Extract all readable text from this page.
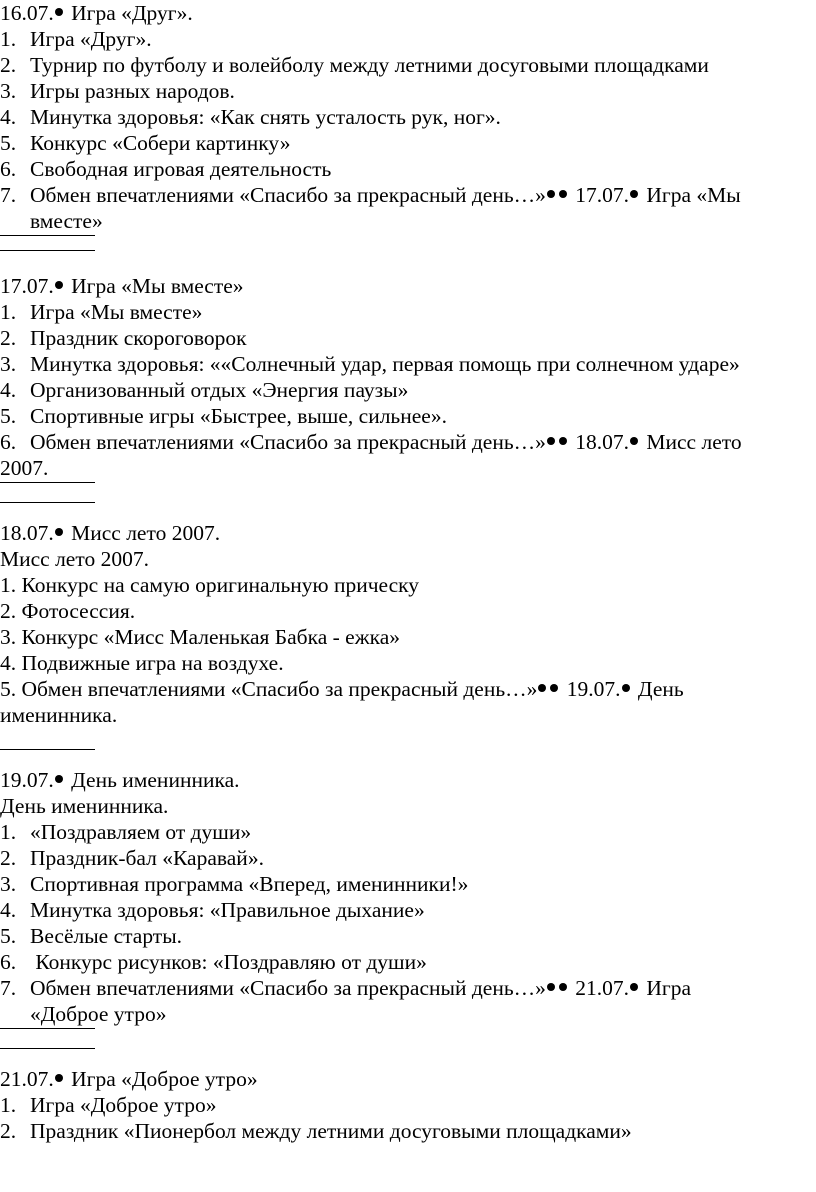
16.07. Игра «Друг».
1. Игра «Друг».
2. Турнир по футболу и волейболу между летними досуговыми площадками
3. Игры разных народов.
4. Минутка здоровья: «Как снять усталость рук, ног».
5. Конкурс «Собери картинку»
6. Свободная игровая деятельность
7. Обмен впечатлениями «Спасибо за прекрасный день…» 17.07. Игра «Мы
вместе»
17.07. Игра «Мы вместе»
1. Игра «Мы вместе»
2. Праздник скороговорок
3. Минутка здоровья: ««Солнечный удар, первая помощь при солнечном ударе»
4. Организованный отдых «Энергия паузы»
5. Спортивные игры «Быстрее, выше, сильнее».
6. Обмен впечатлениями «Спасибо за прекрасный день…» 18.07. Мисс лето
2007.
18.07. Мисс лето 2007.
Мисс лето 2007.
1. Конкурс на самую оригинальную прическу
2. Фотосессия.
3. Конкурс «Мисс Маленькая Бабка - ежка»
4. Подвижные игра на воздухе.
5. Обмен впечатлениями «Спасибо за прекрасный день…» 19.07. День
именинника.
19.07. День именинника.
День именинника.
1. «Поздравляем от души»
2. Праздник-бал «Каравай».
3. Спортивная программа «Вперед, именинники!»
4. Минутка здоровья: «Правильное дыхание»
5. Весёлые старты.
6. Конкурс рисунков: «Поздравляю от души»
7. Обмен впечатлениями «Спасибо за прекрасный день…» 21.07. Игра
«Доброе утро»
21.07. Игра «Доброе утро»
1. Игра «Доброе утро»
2. Праздник «Пионербол между летними досуговыми площадками»
